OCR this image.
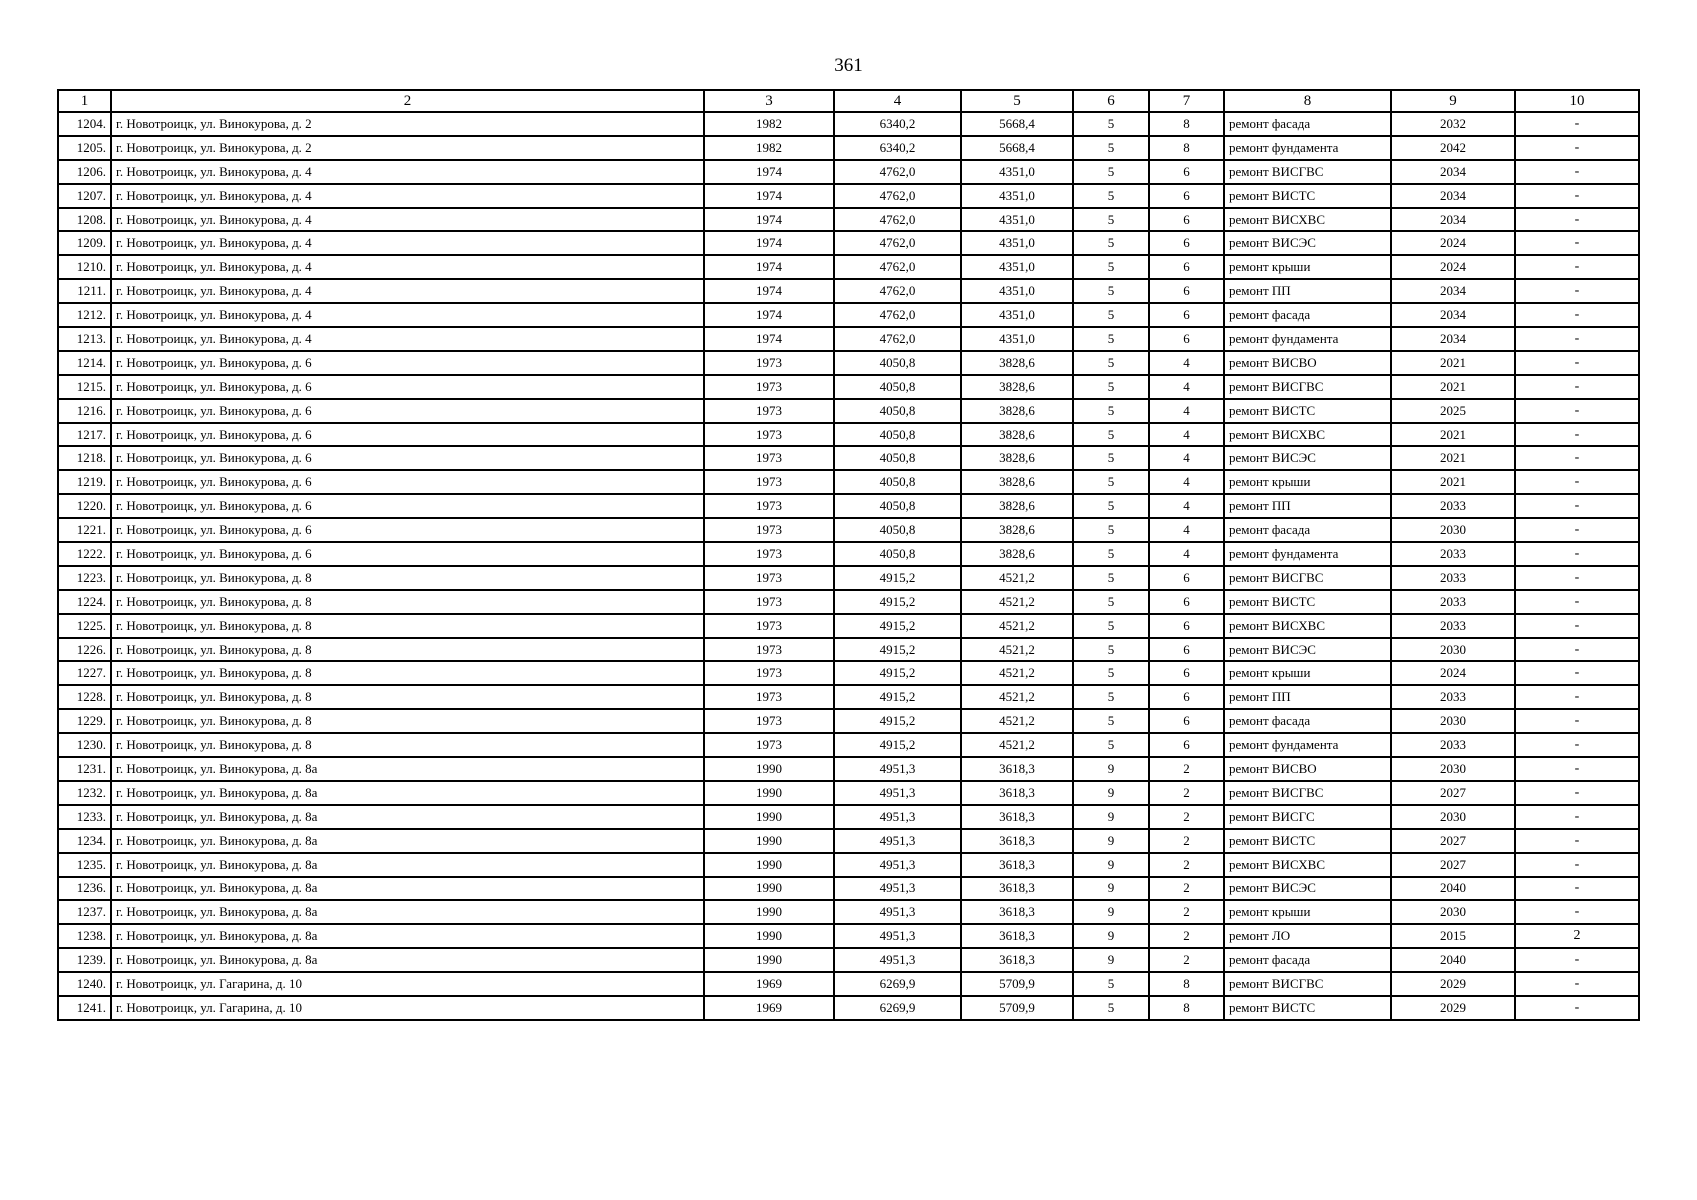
361
1	2	3	4	5	6	7	8	9	10
1204.	г. Новотроицк, ул. Винокурова, д. 2	1982	6340,2	5668,4	5	8	ремонт фасада	2032	-
1205.	г. Новотроицк, ул. Винокурова, д. 2	1982	6340,2	5668,4	5	8	ремонт фундамента	2042	-
1206.	г. Новотроицк, ул. Винокурова, д. 4	1974	4762,0	4351,0	5	6	ремонт ВИСГВС	2034	-
1207.	г. Новотроицк, ул. Винокурова, д. 4	1974	4762,0	4351,0	5	6	ремонт ВИСТС	2034	-
1208.	г. Новотроицк, ул. Винокурова, д. 4	1974	4762,0	4351,0	5	6	ремонт ВИСХВС	2034	-
1209.	г. Новотроицк, ул. Винокурова, д. 4	1974	4762,0	4351,0	5	6	ремонт ВИСЭС	2024	-
1210.	г. Новотроицк, ул. Винокурова, д. 4	1974	4762,0	4351,0	5	6	ремонт крыши	2024	-
1211.	г. Новотроицк, ул. Винокурова, д. 4	1974	4762,0	4351,0	5	6	ремонт ПП	2034	-
1212.	г. Новотроицк, ул. Винокурова, д. 4	1974	4762,0	4351,0	5	6	ремонт фасада	2034	-
1213.	г. Новотроицк, ул. Винокурова, д. 4	1974	4762,0	4351,0	5	6	ремонт фундамента	2034	-
1214.	г. Новотроицк, ул. Винокурова, д. 6	1973	4050,8	3828,6	5	4	ремонт ВИСВО	2021	-
1215.	г. Новотроицк, ул. Винокурова, д. 6	1973	4050,8	3828,6	5	4	ремонт ВИСГВС	2021	-
1216.	г. Новотроицк, ул. Винокурова, д. 6	1973	4050,8	3828,6	5	4	ремонт ВИСТС	2025	-
1217.	г. Новотроицк, ул. Винокурова, д. 6	1973	4050,8	3828,6	5	4	ремонт ВИСХВС	2021	-
1218.	г. Новотроицк, ул. Винокурова, д. 6	1973	4050,8	3828,6	5	4	ремонт ВИСЭС	2021	-
1219.	г. Новотроицк, ул. Винокурова, д. 6	1973	4050,8	3828,6	5	4	ремонт крыши	2021	-
1220.	г. Новотроицк, ул. Винокурова, д. 6	1973	4050,8	3828,6	5	4	ремонт ПП	2033	-
1221.	г. Новотроицк, ул. Винокурова, д. 6	1973	4050,8	3828,6	5	4	ремонт фасада	2030	-
1222.	г. Новотроицк, ул. Винокурова, д. 6	1973	4050,8	3828,6	5	4	ремонт фундамента	2033	-
1223.	г. Новотроицк, ул. Винокурова, д. 8	1973	4915,2	4521,2	5	6	ремонт ВИСГВС	2033	-
1224.	г. Новотроицк, ул. Винокурова, д. 8	1973	4915,2	4521,2	5	6	ремонт ВИСТС	2033	-
1225.	г. Новотроицк, ул. Винокурова, д. 8	1973	4915,2	4521,2	5	6	ремонт ВИСХВС	2033	-
1226.	г. Новотроицк, ул. Винокурова, д. 8	1973	4915,2	4521,2	5	6	ремонт ВИСЭС	2030	-
1227.	г. Новотроицк, ул. Винокурова, д. 8	1973	4915,2	4521,2	5	6	ремонт крыши	2024	-
1228.	г. Новотроицк, ул. Винокурова, д. 8	1973	4915,2	4521,2	5	6	ремонт ПП	2033	-
1229.	г. Новотроицк, ул. Винокурова, д. 8	1973	4915,2	4521,2	5	6	ремонт фасада	2030	-
1230.	г. Новотроицк, ул. Винокурова, д. 8	1973	4915,2	4521,2	5	6	ремонт фундамента	2033	-
1231.	г. Новотроицк, ул. Винокурова, д. 8а	1990	4951,3	3618,3	9	2	ремонт ВИСВО	2030	-
1232.	г. Новотроицк, ул. Винокурова, д. 8а	1990	4951,3	3618,3	9	2	ремонт ВИСГВС	2027	-
1233.	г. Новотроицк, ул. Винокурова, д. 8а	1990	4951,3	3618,3	9	2	ремонт ВИСГС	2030	-
1234.	г. Новотроицк, ул. Винокурова, д. 8а	1990	4951,3	3618,3	9	2	ремонт ВИСТС	2027	-
1235.	г. Новотроицк, ул. Винокурова, д. 8а	1990	4951,3	3618,3	9	2	ремонт ВИСХВС	2027	-
1236.	г. Новотроицк, ул. Винокурова, д. 8а	1990	4951,3	3618,3	9	2	ремонт ВИСЭС	2040	-
1237.	г. Новотроицк, ул. Винокурова, д. 8а	1990	4951,3	3618,3	9	2	ремонт крыши	2030	-
1238.	г. Новотроицк, ул. Винокурова, д. 8а	1990	4951,3	3618,3	9	2	ремонт ЛО	2015	2
1239.	г. Новотроицк, ул. Винокурова, д. 8а	1990	4951,3	3618,3	9	2	ремонт фасада	2040	-
1240.	г. Новотроицк, ул. Гагарина, д. 10	1969	6269,9	5709,9	5	8	ремонт ВИСГВС	2029	-
1241.	г. Новотроицк, ул. Гагарина, д. 10	1969	6269,9	5709,9	5	8	ремонт ВИСТС	2029	-
